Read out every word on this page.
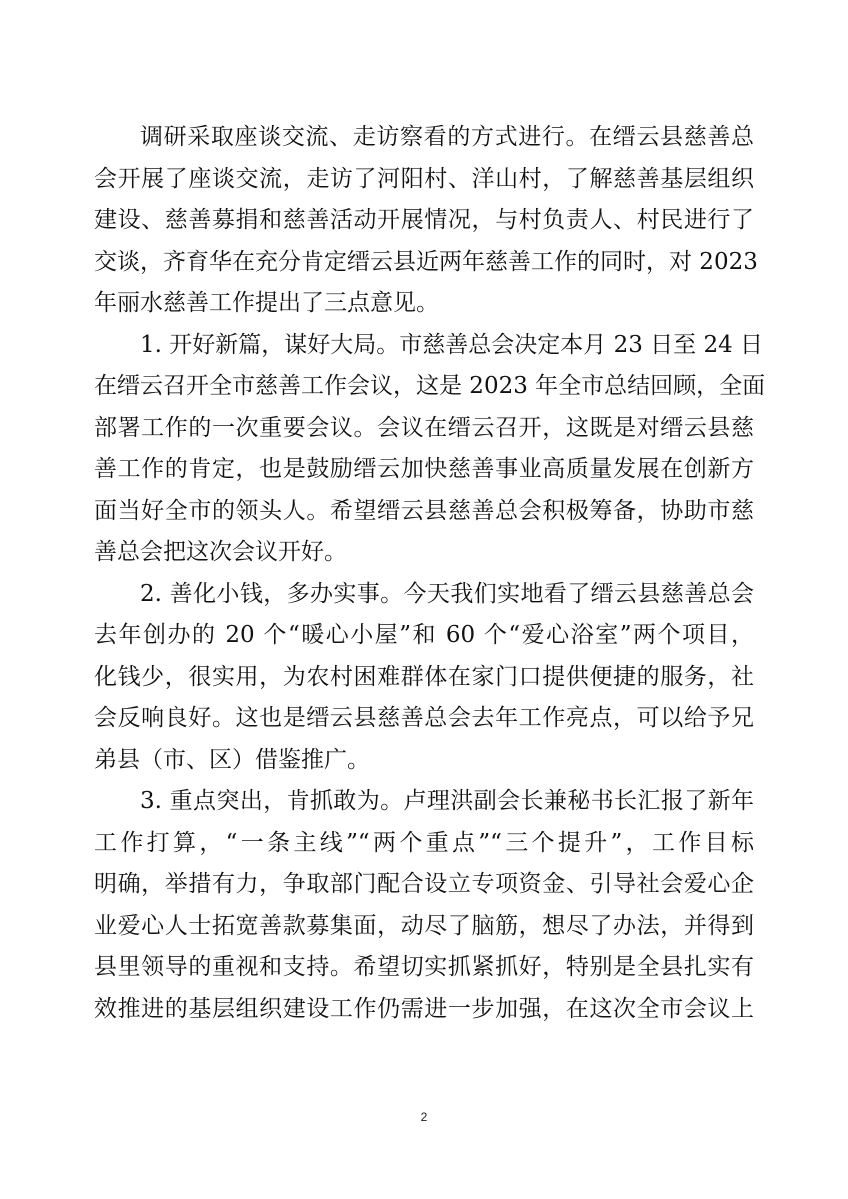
调研采取座谈交流、走访察看的方式进行。在缙云县慈善总
会开展了座谈交流，走访了河阳村、洋山村，了解慈善基层组织
建设、慈善募捐和慈善活动开展情况，与村负责人、村民进行了
交谈，齐育华在充分肯定缙云县近两年慈善工作的同时，对 2023
年丽水慈善工作提出了三点意见。
1. 开好新篇，谋好大局。市慈善总会决定本月 23 日至 24 日
在缙云召开全市慈善工作会议，这是 2023 年全市总结回顾，全面
部署工作的一次重要会议。会议在缙云召开，这既是对缙云县慈
善工作的肯定，也是鼓励缙云加快慈善事业高质量发展在创新方
面当好全市的领头人。希望缙云县慈善总会积极筹备，协助市慈
善总会把这次会议开好。
2. 善化小钱，多办实事。今天我们实地看了缙云县慈善总会
去年创办的 20 个“暖心小屋”和 60 个“爱心浴室”两个项目，
化钱少，很实用，为农村困难群体在家门口提供便捷的服务，社
会反响良好。这也是缙云县慈善总会去年工作亮点，可以给予兄
弟县（市、区）借鉴推广。
3. 重点突出，肯抓敢为。卢理洪副会长兼秘书长汇报了新年
工作打算，“一条主线”“两个重点”“三个提升”，工作目标
明确，举措有力，争取部门配合设立专项资金、引导社会爱心企
业爱心人士拓宽善款募集面，动尽了脑筋，想尽了办法，并得到
县里领导的重视和支持。希望切实抓紧抓好，特别是全县扎实有
效推进的基层组织建设工作仍需进一步加强，在这次全市会议上
2
